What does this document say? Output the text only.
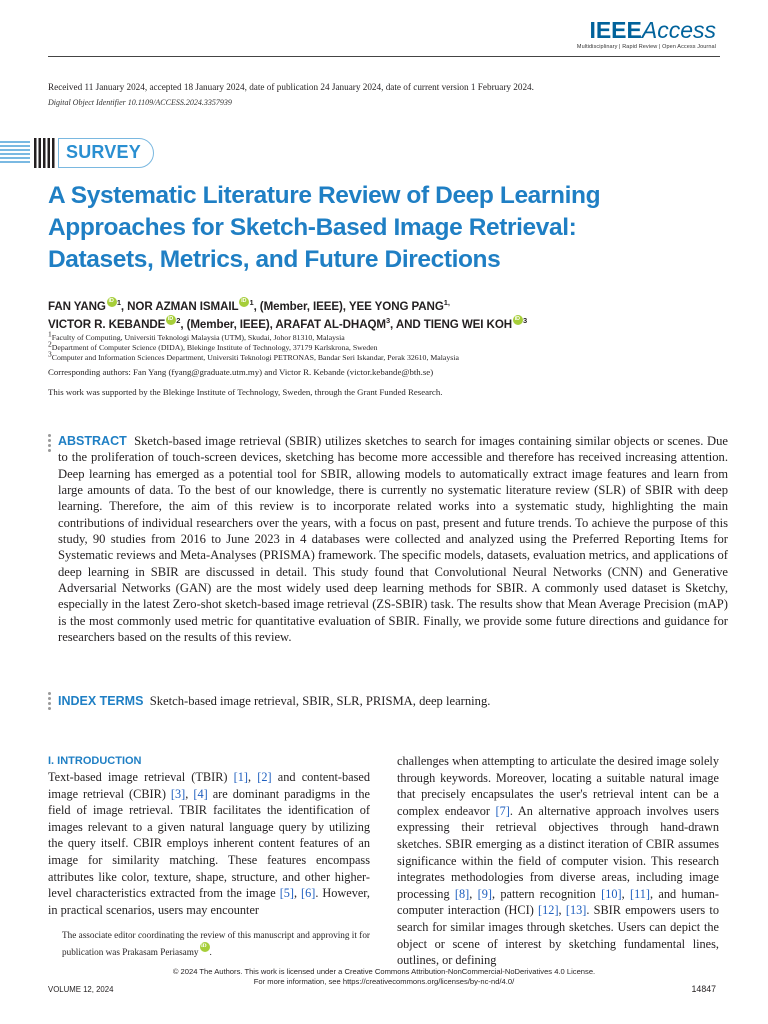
IEEEAccess
Multidisciplinary | Rapid Review | Open Access Journal
Received 11 January 2024, accepted 18 January 2024, date of publication 24 January 2024, date of current version 1 February 2024.
Digital Object Identifier 10.1109/ACCESS.2024.3357939
SURVEY
A Systematic Literature Review of Deep Learning Approaches for Sketch-Based Image Retrieval: Datasets, Metrics, and Future Directions
FAN YANG iD $^1$, NOR AZMAN ISMAIL iD $^1$, (Member, IEEE), YEE YONG $PANG^{1,}$
VICTOR R. KEBANDE iD $^2$, (Member, IEEE), ARAFAT AL-DHAQM$^3$, AND TIENG WEI KOH iD $^3$
$^1$Faculty of Computing, Universiti Teknologi Malaysia (UTM), Skudai, Johor 81310, Malaysia
$^2$Department of Computer Science (DIDA), Blekinge Institute of Technology, 37179 Karlskrona, Sweden
$^3$Computer and Information Sciences Department, Universiti Teknologi PETRONAS, Bandar Seri Iskandar, Perak 32610, Malaysia
Corresponding authors: Fan Yang (fyang@graduate.utm.my) and Victor R. Kebande (victor.kebande@bth.se)
This work was supported by the Blekinge Institute of Technology, Sweden, through the Grant Funded Research.
ABSTRACT Sketch-based image retrieval (SBIR) utilizes sketches to search for images containing similar objects or scenes. Due to the proliferation of touch-screen devices, sketching has become more accessible and therefore has received increasing attention. Deep learning has emerged as a potential tool for SBIR, allowing models to automatically extract image features and learn from large amounts of data. To the best of our knowledge, there is currently no systematic literature review (SLR) of SBIR with deep learning. Therefore, the aim of this review is to incorporate related works into a systematic study, highlighting the main contributions of individual researchers over the years, with a focus on past, present and future trends. To achieve the purpose of this study, 90 studies from 2016 to June 2023 in 4 databases were collected and analyzed using the Preferred Reporting Items for Systematic reviews and Meta-Analyses (PRISMA) framework. The specific models, datasets, evaluation metrics, and applications of deep learning in SBIR are discussed in detail. This study found that Convolutional Neural Networks (CNN) and Generative Adversarial Networks (GAN) are the most widely used deep learning methods for SBIR. A commonly used dataset is Sketchy, especially in the latest Zero-shot sketch-based image retrieval (ZS-SBIR) task. The results show that Mean Average Precision (mAP) is the most commonly used metric for quantitative evaluation of SBIR. Finally, we provide some future directions and guidance for researchers based on the results of this review.
INDEX TERMS Sketch-based image retrieval, SBIR, SLR, PRISMA, deep learning.
I. INTRODUCTION

Text-based image retrieval (TBIR) [1], [2] and content-based image retrieval (CBIR) [3], [4] are dominant paradigms in the field of image retrieval. TBIR facilitates the identification of images relevant to a given natural language query by utilizing the query itself. CBIR employs inherent content features of an image for similarity matching. These features encompass attributes like color, texture, shape, structure, and other higher-level characteristics extracted from the image [5], [6]. However, in practical scenarios, users may encounter

The associate editor coordinating the review of this manuscript and approving it for publication was Prakasam Periasamy iD .

challenges when attempting to articulate the desired image solely through keywords. Moreover, locating a suitable natural image that precisely encapsulates the user's retrieval intent can be a complex endeavor [7]. An alternative approach involves users expressing their retrieval objectives through hand-drawn sketches. SBIR emerging as a distinct iteration of CBIR assumes significance within the field of computer vision. This research integrates methodologies from diverse areas, including image processing [8], [9], pattern recognition [10], [11], and human-computer interaction (HCI) [12], [13]. SBIR empowers users to search for similar images through sketches. Users can depict the object or scene of interest by sketching fundamental lines, outlines, or defining

© 2024 The Authors. This work is licensed under a Creative Commons Attribution-NonCommercial-NoDerivatives 4.0 License.
For more information, see https://creativecommons.org/licenses/by-nc-nd/4.0/
VOLUME 12, 2024	14847
